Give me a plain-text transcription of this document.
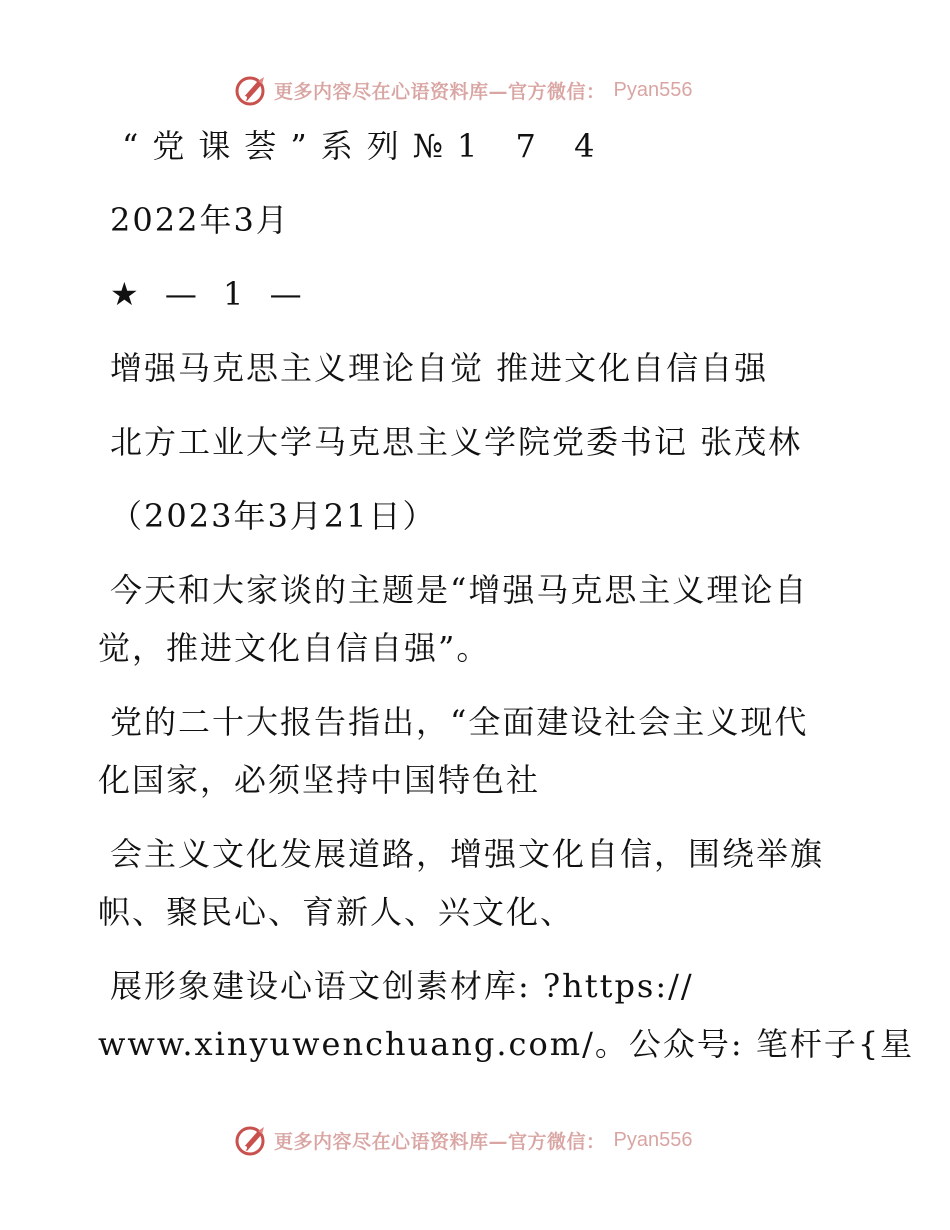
更多内容尽在心语资料库—官方微信： Pyan556
“党课荟”系列№1 7 4
2022年3月
★ — 1 —
增强马克思主义理论自觉 推进文化自信自强
北方工业大学马克思主义学院党委书记 张茂林
（2023年3月21日）
今天和大家谈的主题是“增强马克思主义理论自
觉，推进文化自信自强”。
党的二十大报告指出，“全面建设社会主义现代
化国家，必须坚持中国特色社
会主义文化发展道路，增强文化自信，围绕举旗
帜、聚民心、育新人、兴文化、
展形象建设心语文创素材库: ?https://
www.xinyuwenchuang.com/。公众号: 笔杆子{星
更多内容尽在心语资料库—官方微信： Pyan556
